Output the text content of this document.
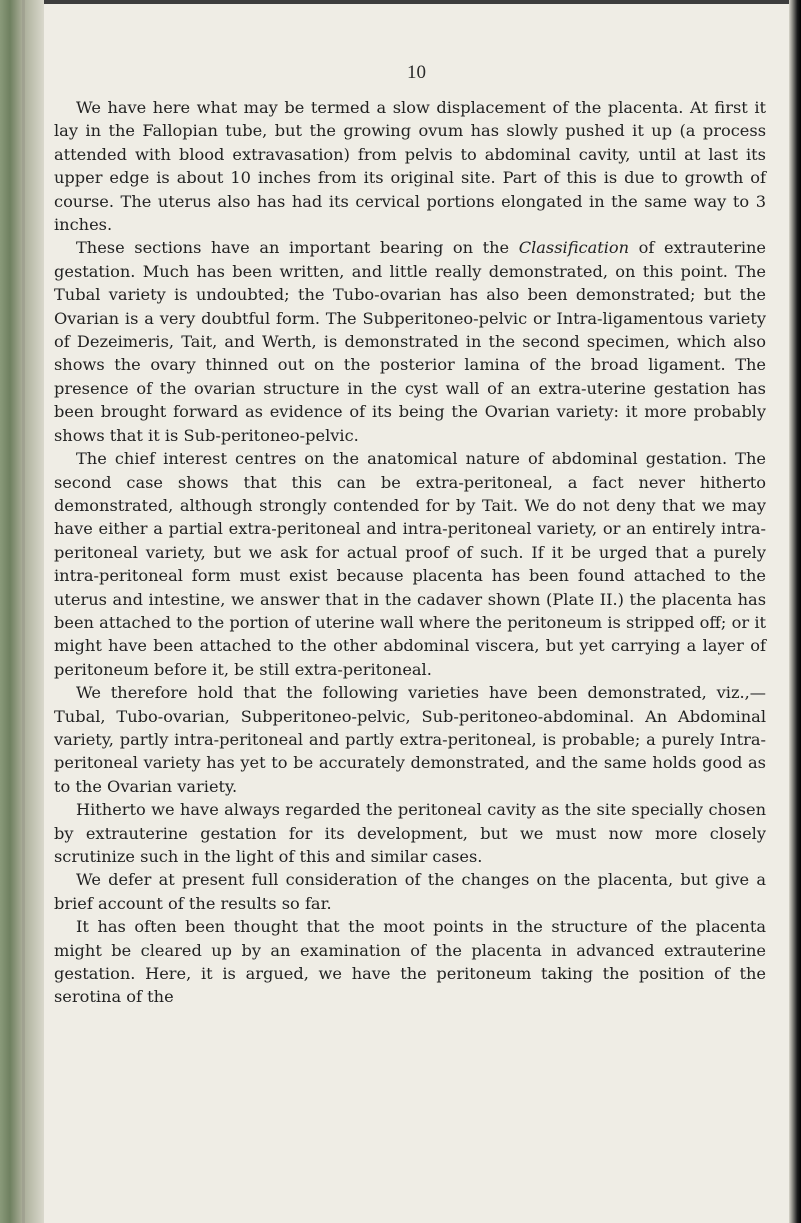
10

We have here what may be termed a slow displacement of the placenta. At first it lay in the Fallopian tube, but the growing ovum has slowly pushed it up (a process attended with blood extravasation) from pelvis to abdominal cavity, until at last its upper edge is about 10 inches from its original site. Part of this is due to growth of course. The uterus also has had its cervical portions elongated in the same way to 3 inches.

These sections have an important bearing on the Classification of extrauterine gestation. Much has been written, and little really demonstrated, on this point. The Tubal variety is undoubted; the Tubo-ovarian has also been demonstrated; but the Ovarian is a very doubtful form. The Subperitoneo-pelvic or Intra-ligamentous variety of Dezeimeris, Tait, and Werth, is demonstrated in the second specimen, which also shows the ovary thinned out on the posterior lamina of the broad ligament. The presence of the ovarian structure in the cyst wall of an extra-uterine gestation has been brought forward as evidence of its being the Ovarian variety: it more probably shows that it is Sub-peritoneo-pelvic.

The chief interest centres on the anatomical nature of abdominal gestation. The second case shows that this can be extra-peritoneal, a fact never hitherto demonstrated, although strongly contended for by Tait. We do not deny that we may have either a partial extra-peritoneal and intra-peritoneal variety, or an entirely intra-peritoneal variety, but we ask for actual proof of such. If it be urged that a purely intra-peritoneal form must exist because placenta has been found attached to the uterus and intestine, we answer that in the cadaver shown (Plate II.) the placenta has been attached to the portion of uterine wall where the peritoneum is stripped off; or it might have been attached to the other abdominal viscera, but yet carrying a layer of peritoneum before it, be still extra-peritoneal.

We therefore hold that the following varieties have been demonstrated, viz.,—Tubal, Tubo-ovarian, Subperitoneo-pelvic, Sub-peritoneo-abdominal. An Abdominal variety, partly intra-peritoneal and partly extra-peritoneal, is probable; a purely Intra-peritoneal variety has yet to be accurately demonstrated, and the same holds good as to the Ovarian variety.

Hitherto we have always regarded the peritoneal cavity as the site specially chosen by extrauterine gestation for its development, but we must now more closely scrutinize such in the light of this and similar cases.

We defer at present full consideration of the changes on the placenta, but give a brief account of the results so far.

It has often been thought that the moot points in the structure of the placenta might be cleared up by an examination of the placenta in advanced extrauterine gestation. Here, it is argued, we have the peritoneum taking the position of the serotina of the
